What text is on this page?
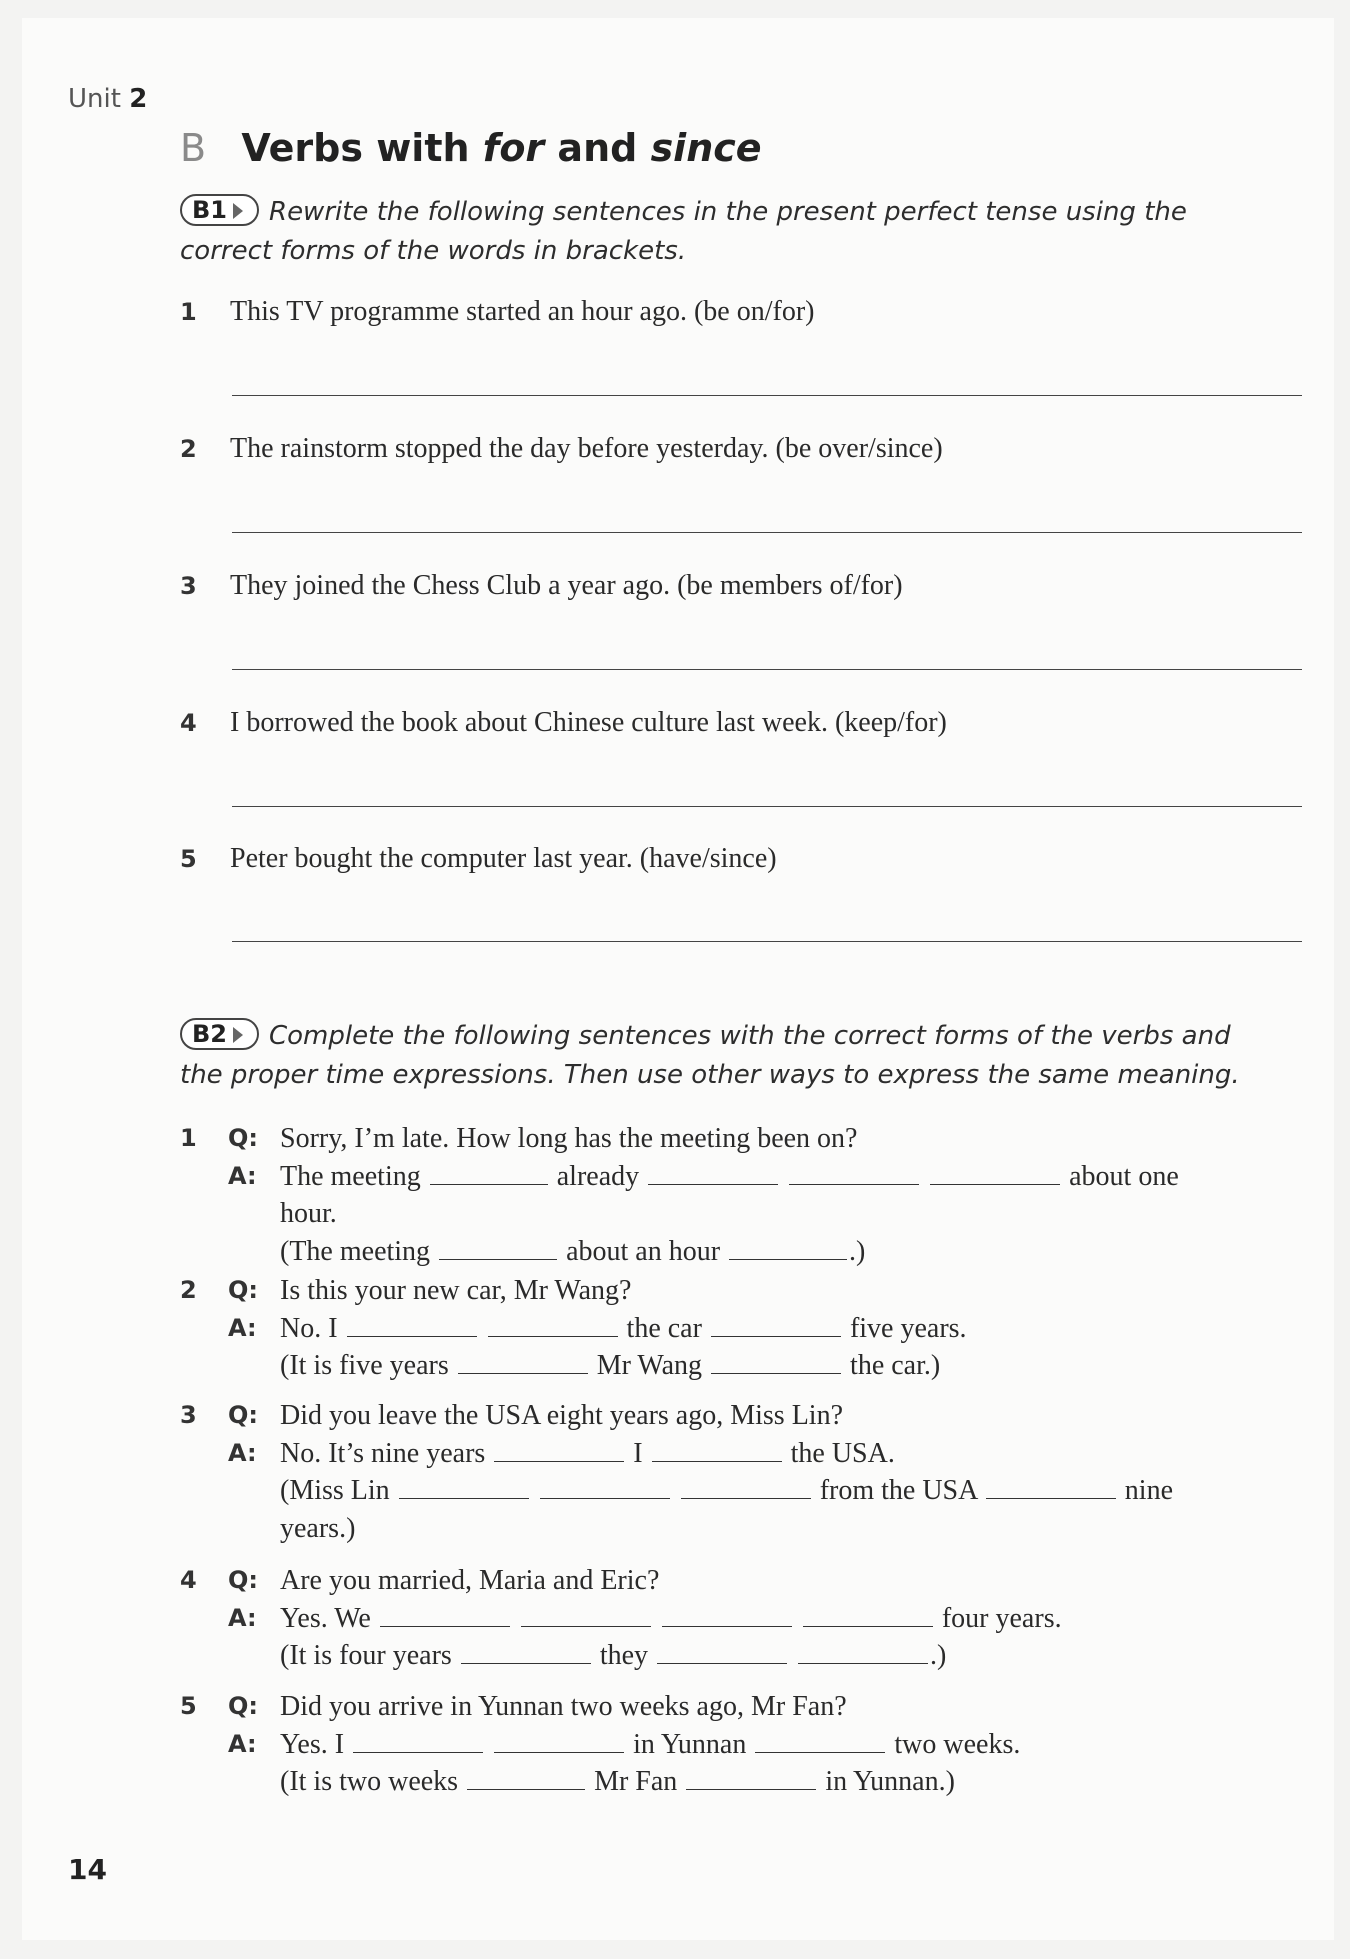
Unit 2
B Verbs with for and since
B1 Rewrite the following sentences in the present perfect tense using the correct forms of the words in brackets.
1 This TV programme started an hour ago. (be on/for)
2 The rainstorm stopped the day before yesterday. (be over/since)
3 They joined the Chess Club a year ago. (be members of/for)
4 I borrowed the book about Chinese culture last week. (keep/for)
5 Peter bought the computer last year. (have/since)
B2 Complete the following sentences with the correct forms of the verbs and the proper time expressions. Then use other ways to express the same meaning.
1 Q: Sorry, I’m late. How long has the meeting been on?
A: The meeting	already	about one
hour.
(The meeting	about an hour	.)
2 Q: Is this your new car, Mr Wang?
A: No. I	the car	five years.
(It is five years	Mr Wang	the car.)
3 Q: Did you leave the USA eight years ago, Miss Lin?
A: No. It’s nine years	I	the USA.
(Miss Lin	from the USA	nine
years.)
4 Q: Are you married, Maria and Eric?
A: Yes. We	four years.
(It is four years	they	.)
5 Q: Did you arrive in Yunnan two weeks ago, Mr Fan?
A: Yes. I	in Yunnan	two weeks.
(It is two weeks	Mr Fan	in Yunnan.)
14
